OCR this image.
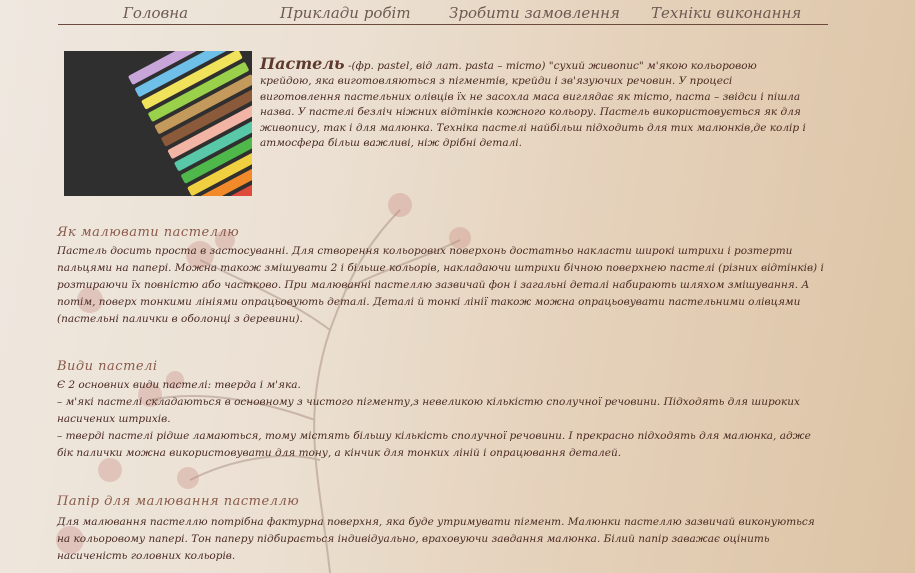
Головна	Приклади робіт	Зробити замовлення Техніки виконання
Пастель -(фр. pastel, від лат. pasta – тісто) "сухий живопис" м'якою кольоровою крейдою, яка виготовляються з пігментів, крейди і зв'язуючих речовин. У процесі виготовлення пастельних олівців їх не засохла маса виглядає як тісто, паста – звідси і пішла назва. У пастелі безліч ніжних відтінків кожного кольору. Пастель використовується як для живопису, так і для малюнка. Техніка пастелі найбільш підходить для тих малюнків,де колір і атмосфера більш важливі, ніж дрібні деталі.
Як малювати пастеллю
Пастель досить проста в застосуванні. Для створення кольорових поверхонь достатньо накласти широкі штрихи і розтерти пальцями на папері. Можна також змішувати 2 і більше кольорів, накладаючи штрихи бічною поверхнею пастелі (різних відтінків) і розтираючи їх повністю або частково. При малюванні пастеллю зазвичай фон і загальні деталі набирають шляхом змішування. А потім, поверх тонкими лініями опрацьовують деталі. Деталі й тонкі лінії також можна опрацьовувати пастельними олівцями (пастельні палички в оболонці з деревини).
Види пастелі
Є 2 основних види пастелі: тверда і м'яка.
– м'які пастелі складаються в основному з чистого пігменту,з невеликою кількістю сполучної речовини. Підходять для широких насичених штрихів.
– тверді пастелі рідше ламаються, тому містять більшу кількість сполучної речовини. І прекрасно підходять для малюнка, адже бік палички можна використовувати для тону, а кінчик для тонких ліній і опрацювання деталей.
Папір для малювання пастеллю
Для малювання пастеллю потрібна фактурна поверхня, яка буде утримувати пігмент. Малюнки пастеллю зазвичай виконуються на кольоровому папері. Тон паперу підбирається індивідуально, враховуючи завдання малюнка. Білий папір заважає оцінить насиченість головних кольорів.
